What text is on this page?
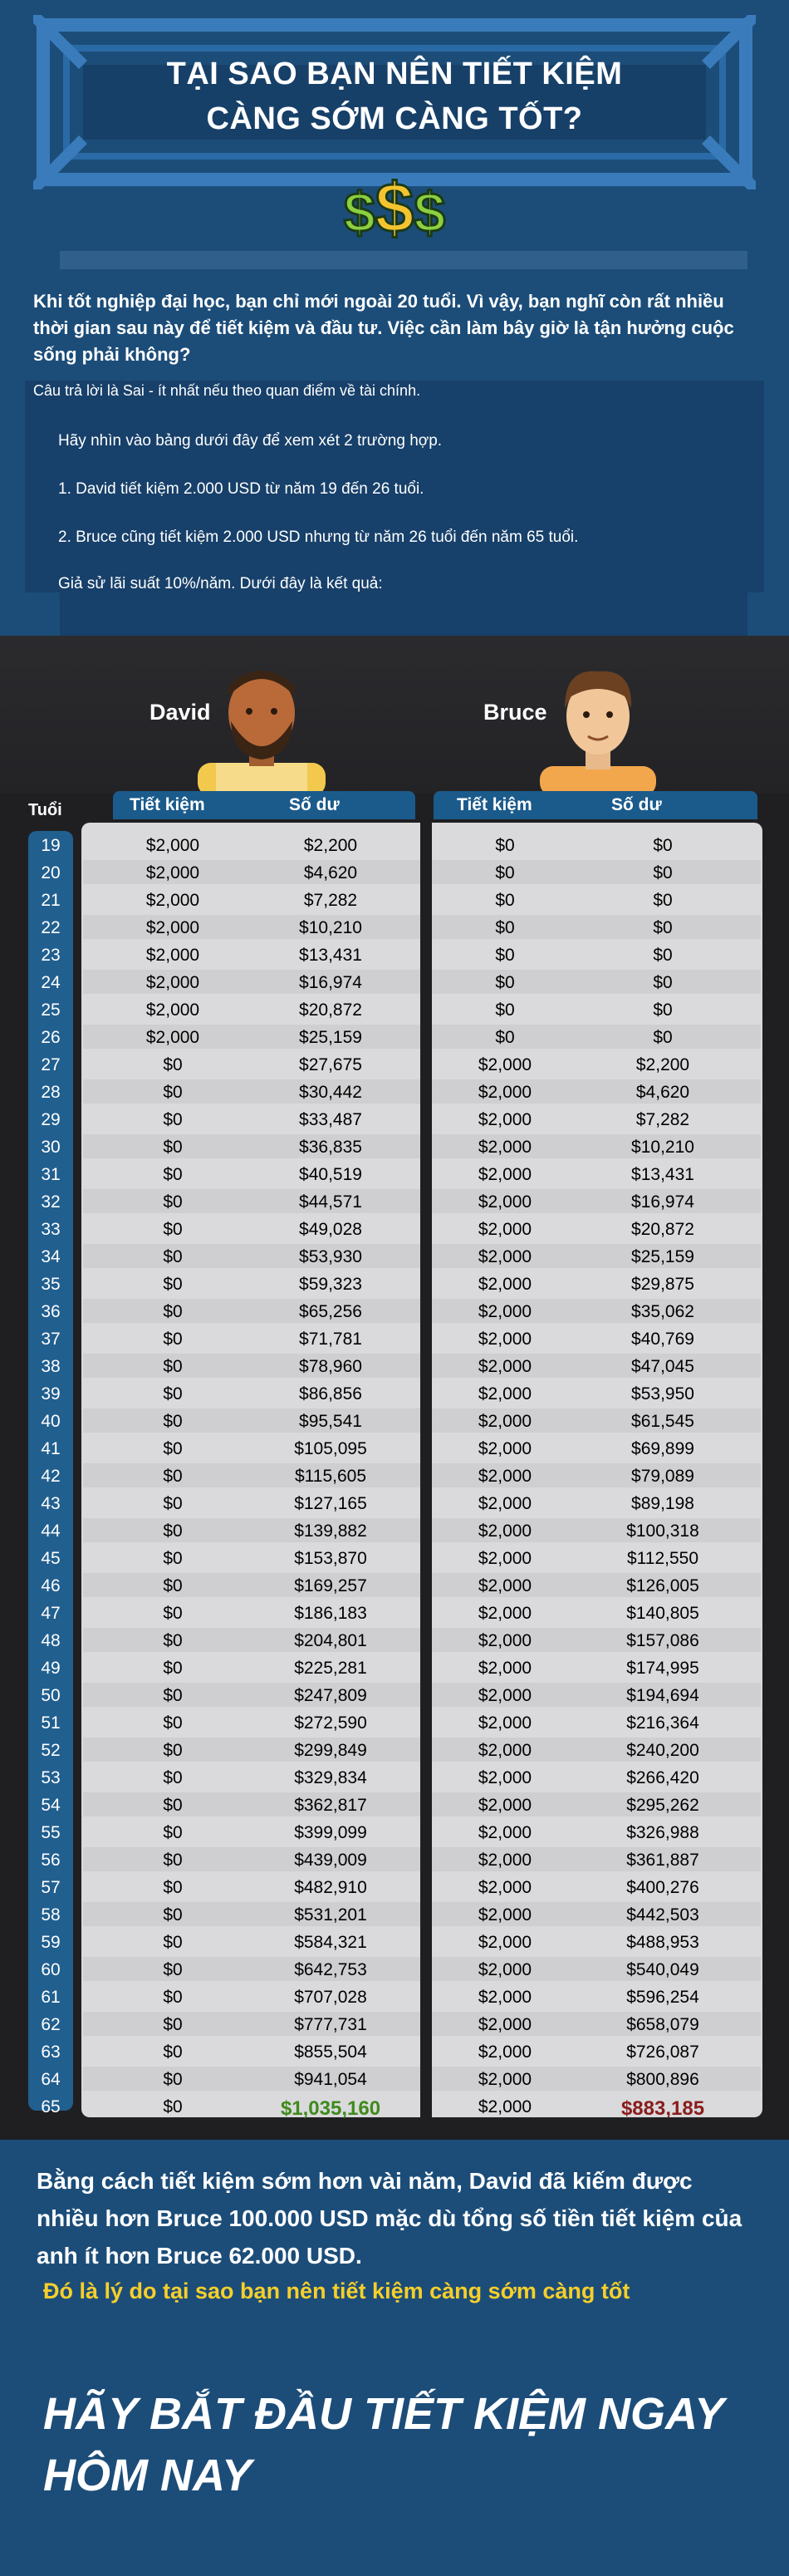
TẠI SAO BẠN NÊN TIẾT KIỆM
CÀNG SỚM CÀNG TỐT?
$$$
Khi tốt nghiệp đại học, bạn chỉ mới ngoài 20 tuổi. Vì vậy, bạn nghĩ còn rất nhiều thời gian sau này để tiết kiệm và đầu tư. Việc cần làm bây giờ là tận hưởng cuộc sống phải không?
Câu trả lời là Sai - ít nhất nếu theo quan điểm về tài chính.
Hãy nhìn vào bảng dưới đây để xem xét 2 trường hợp.
1. David tiết kiệm 2.000 USD từ năm 19 đến 26 tuổi.
2. Bruce cũng tiết kiệm 2.000 USD nhưng từ năm 26 tuổi đến năm 65 tuổi.
Giả sử lãi suất 10%/năm. Dưới đây là kết quả:
David	Bruce
Tuổi	Tiết kiệm	Số dư	Tiết kiệm	Số dư
19	$2,000	$2,200	$0	$0
20	$2,000	$4,620	$0	$0
21	$2,000	$7,282	$0	$0
22	$2,000	$10,210	$0	$0
23	$2,000	$13,431	$0	$0
24	$2,000	$16,974	$0	$0
25	$2,000	$20,872	$0	$0
26	$2,000	$25,159	$0	$0
27	$0	$27,675	$2,000	$2,200
28	$0	$30,442	$2,000	$4,620
29	$0	$33,487	$2,000	$7,282
30	$0	$36,835	$2,000	$10,210
31	$0	$40,519	$2,000	$13,431
32	$0	$44,571	$2,000	$16,974
33	$0	$49,028	$2,000	$20,872
34	$0	$53,930	$2,000	$25,159
35	$0	$59,323	$2,000	$29,875
36	$0	$65,256	$2,000	$35,062
37	$0	$71,781	$2,000	$40,769
38	$0	$78,960	$2,000	$47,045
39	$0	$86,856	$2,000	$53,950
40	$0	$95,541	$2,000	$61,545
41	$0	$105,095	$2,000	$69,899
42	$0	$115,605	$2,000	$79,089
43	$0	$127,165	$2,000	$89,198
44	$0	$139,882	$2,000	$100,318
45	$0	$153,870	$2,000	$112,550
46	$0	$169,257	$2,000	$126,005
47	$0	$186,183	$2,000	$140,805
48	$0	$204,801	$2,000	$157,086
49	$0	$225,281	$2,000	$174,995
50	$0	$247,809	$2,000	$194,694
51	$0	$272,590	$2,000	$216,364
52	$0	$299,849	$2,000	$240,200
53	$0	$329,834	$2,000	$266,420
54	$0	$362,817	$2,000	$295,262
55	$0	$399,099	$2,000	$326,988
56	$0	$439,009	$2,000	$361,887
57	$0	$482,910	$2,000	$400,276
58	$0	$531,201	$2,000	$442,503
59	$0	$584,321	$2,000	$488,953
60	$0	$642,753	$2,000	$540,049
61	$0	$707,028	$2,000	$596,254
62	$0	$777,731	$2,000	$658,079
63	$0	$855,504	$2,000	$726,087
64	$0	$941,054	$2,000	$800,896
65	$0	$1,035,160	$2,000	$883,185
Bằng cách tiết kiệm sớm hơn vài năm, David đã kiếm được nhiều hơn Bruce 100.000 USD mặc dù tổng số tiền tiết kiệm của anh ít hơn Bruce 62.000 USD.
Đó là lý do tại sao bạn nên tiết kiệm càng sớm càng tốt
HÃY BẮT ĐẦU TIẾT KIỆM NGAY
HÔM NAY
